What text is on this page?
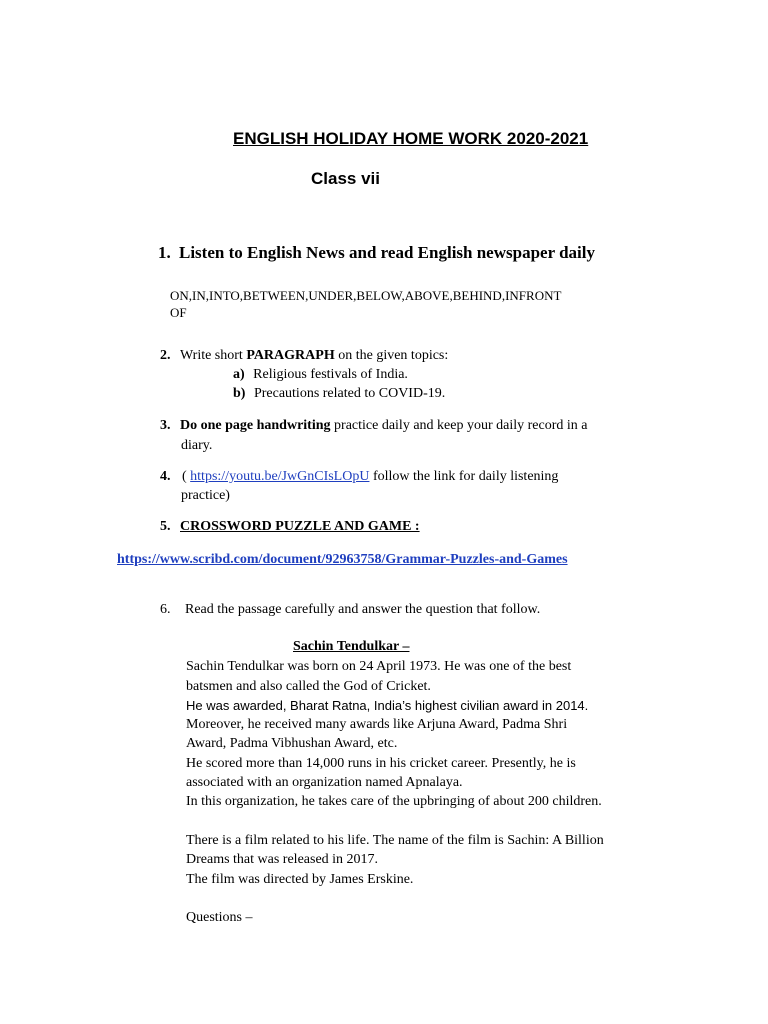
ENGLISH HOLIDAY HOME WORK 2020-2021
Class vii
1. Listen to English News and read English newspaper daily
ON,IN,INTO,BETWEEN,UNDER,BELOW,ABOVE,BEHIND,INFRONT
OF
2. Write short PARAGRAPH on the given topics:
a) Religious festivals of India.
b) Precautions related to COVID-19.
3. Do one page handwriting practice daily and keep your daily record in a
diary.
4. ( https://youtu.be/JwGnCIsLOpU follow the link for daily listening
practice)
5. CROSSWORD PUZZLE AND GAME :
https://www.scribd.com/document/92963758/Grammar-Puzzles-and-Games
6. Read the passage carefully and answer the question that follow.
Sachin Tendulkar –
Sachin Tendulkar was born on 24 April 1973. He was one of the best
batsmen and also called the God of Cricket.
He was awarded, Bharat Ratna, India’s highest civilian award in 2014.
Moreover, he received many awards like Arjuna Award, Padma Shri
Award, Padma Vibhushan Award, etc.
He scored more than 14,000 runs in his cricket career. Presently, he is
associated with an organization named Apnalaya.
In this organization, he takes care of the upbringing of about 200 children.
There is a film related to his life. The name of the film is Sachin: A Billion
Dreams that was released in 2017.
The film was directed by James Erskine.
Questions –
